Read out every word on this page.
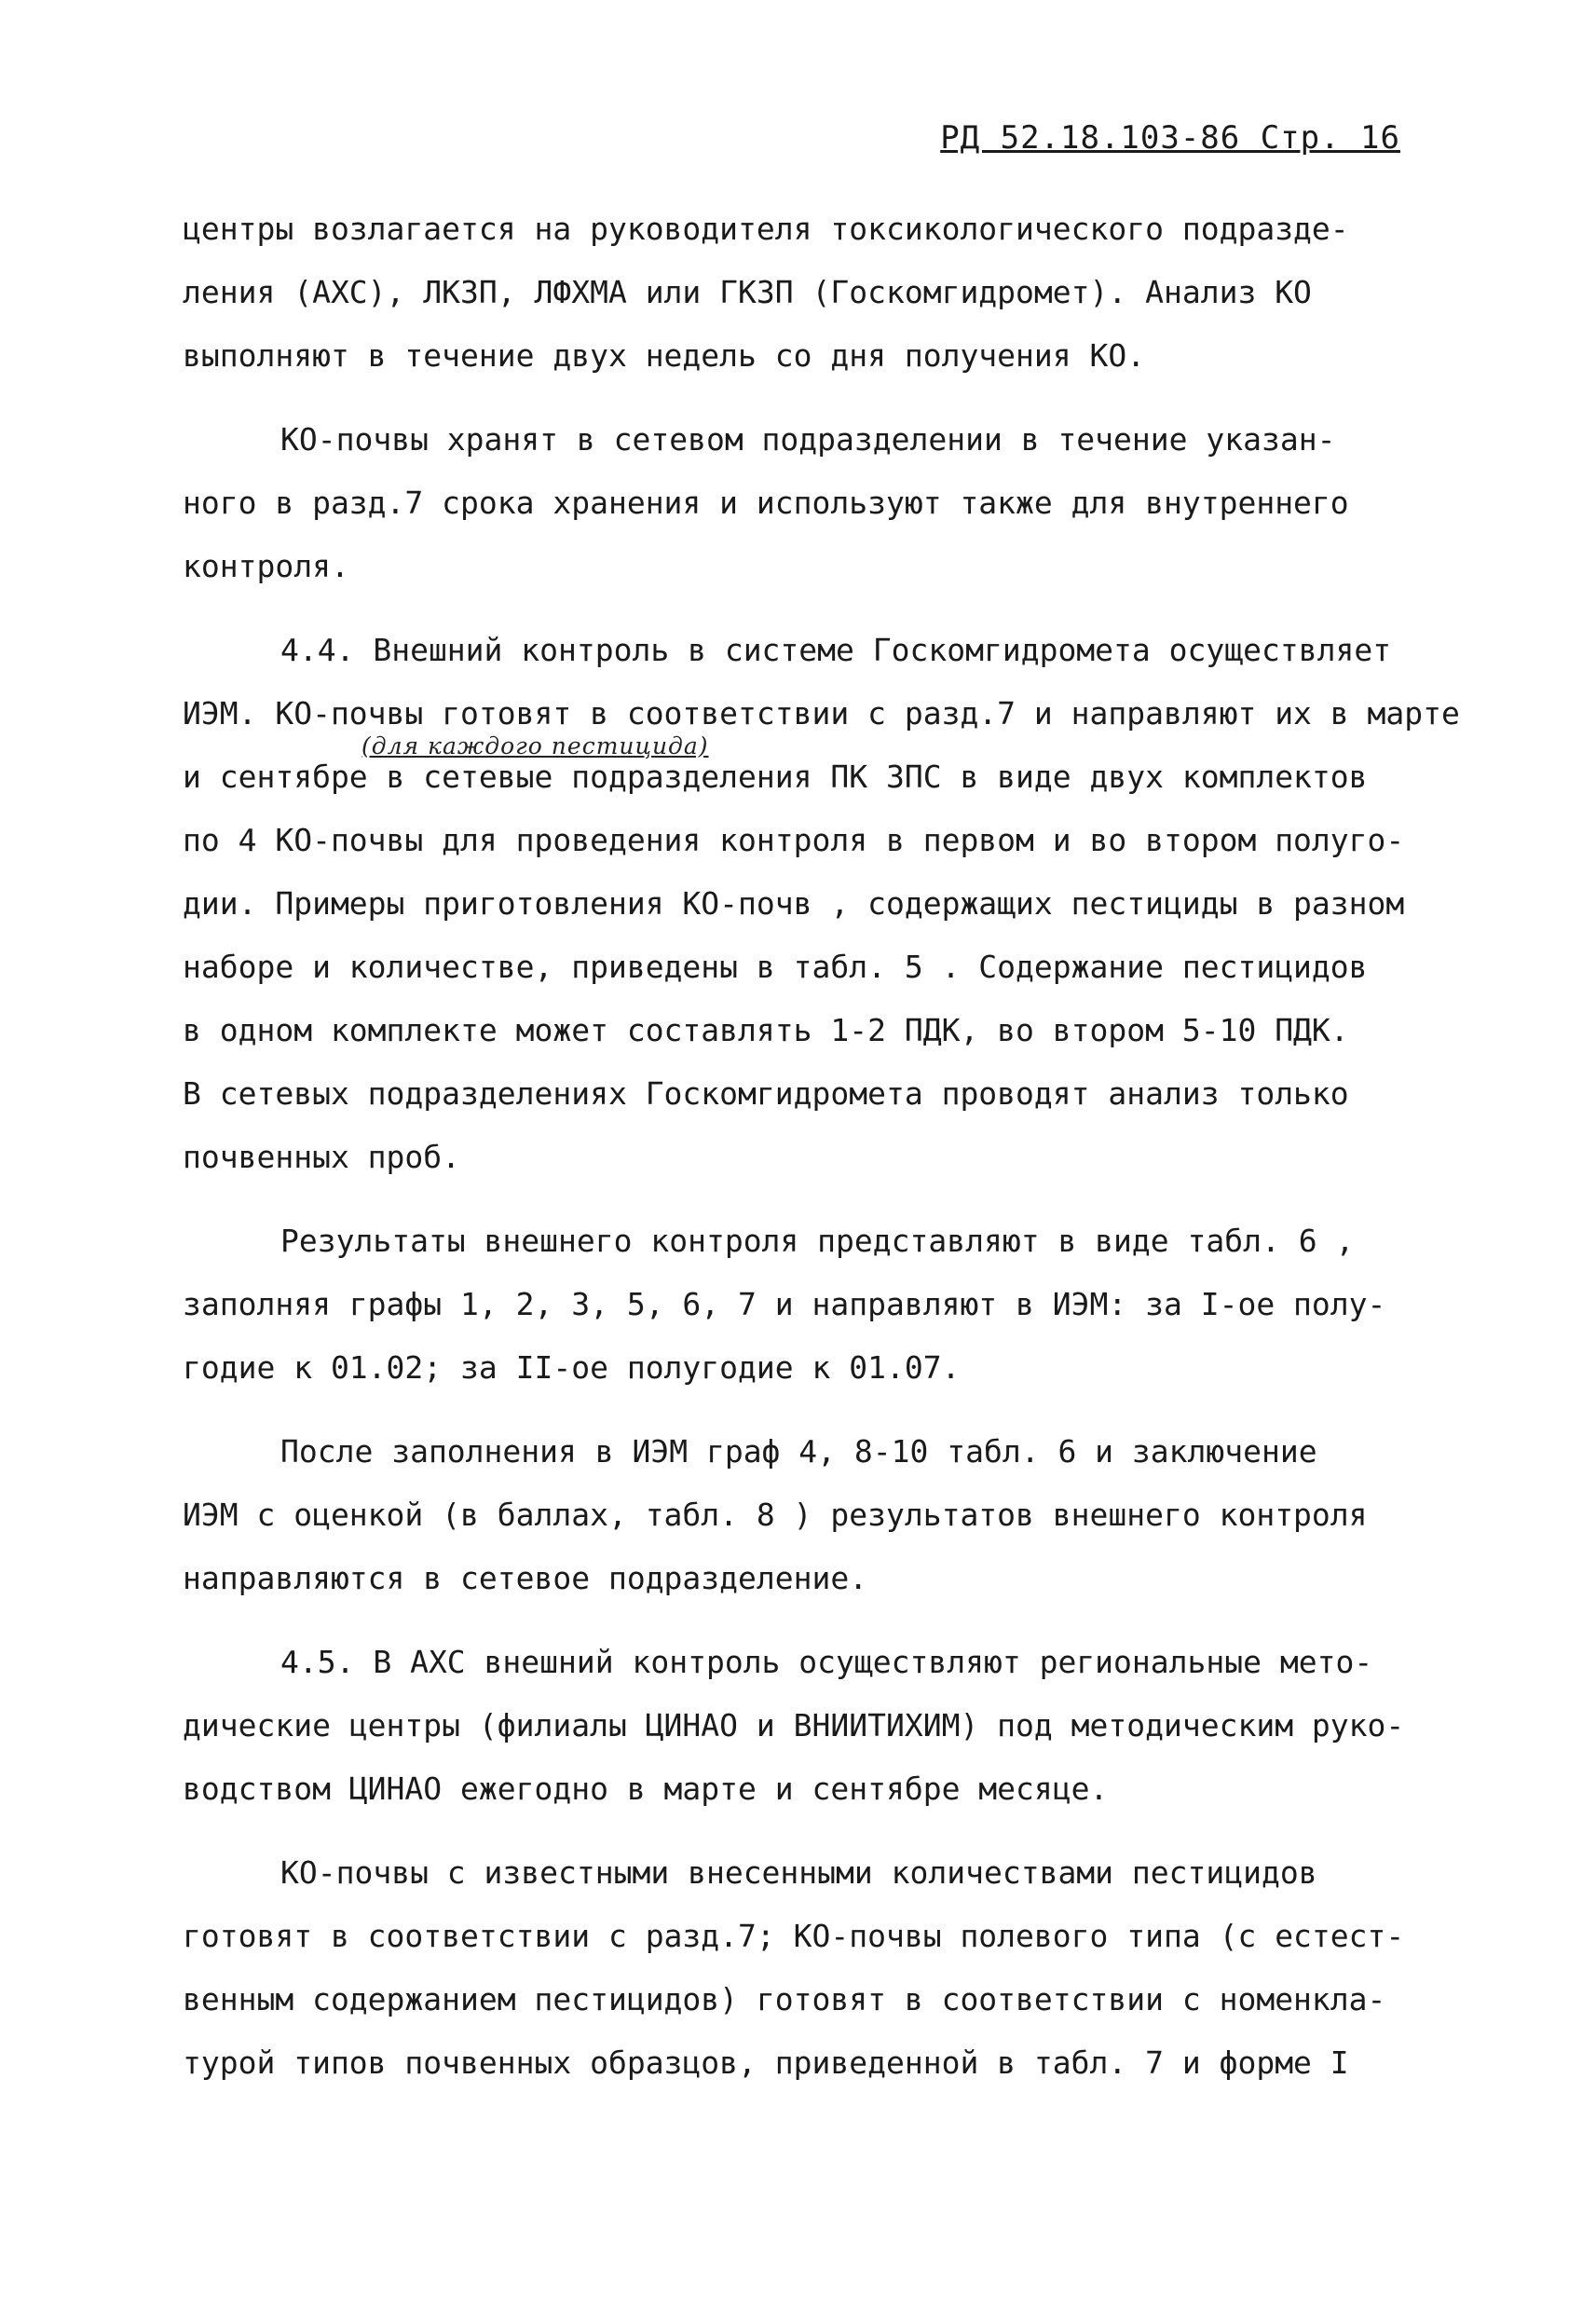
РД 52.18.103-86 Стр. 16
(для каждого пестицида)
центры возлагается на руководителя токсикологического подразде-
ления (АХС), ЛКЗП, ЛФХМА или ГКЗП (Госкомгидромет). Анализ КО
выполняют в течение двух недель со дня получения КО.
КО-почвы хранят в сетевом подразделении в течение указан-
ного в разд.7 срока хранения и используют также для внутреннего
контроля.
4.4. Внешний контроль в системе Госкомгидромета осуществляет
ИЭМ. КО-почвы готовят в соответствии с разд.7 и направляют их в марте
и сентябре в сетевые подразделения ПК ЗПС в виде двух комплектов
по 4 КО-почвы для проведения контроля в первом и во втором полуго-
дии. Примеры приготовления КО-почв , содержащих пестициды в разном
наборе и количестве, приведены в табл. 5 . Содержание пестицидов
в одном комплекте может составлять 1-2 ПДК, во втором 5-10 ПДК.
В сетевых подразделениях Госкомгидромета проводят анализ только
почвенных проб.
Результаты внешнего контроля представляют в виде табл. 6 ,
заполняя графы 1, 2, 3, 5, 6, 7 и направляют в ИЭМ: за I-ое полу-
годие к 01.02; за II-ое полугодие к 01.07.
После заполнения в ИЭМ граф 4, 8-10 табл. 6 и заключение
ИЭМ с оценкой (в баллах, табл. 8 ) результатов внешнего контроля
направляются в сетевое подразделение.
4.5. В АХС внешний контроль осуществляют региональные мето-
дические центры (филиалы ЦИНАО и ВНИИТИХИМ) под методическим руко-
водством ЦИНАО ежегодно в марте и сентябре месяце.
КО-почвы с известными внесенными количествами пестицидов
готовят в соответствии с разд.7; КО-почвы полевого типа (с естест-
венным содержанием пестицидов) готовят в соответствии с номенкла-
турой типов почвенных образцов, приведенной в табл. 7 и форме I
